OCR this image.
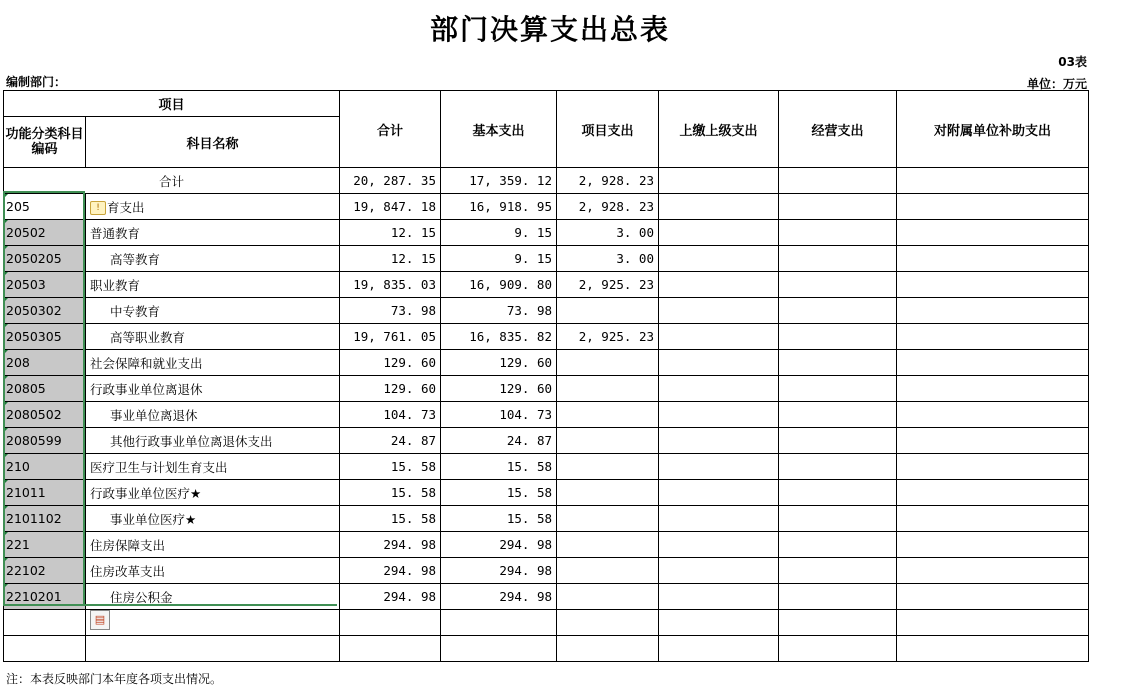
部门决算支出总表
03表
编制部门：	单位：万元
项目		合计	基本支出	项目支出	上缴上级支出	经营支出	对附属单位补助支出
功能分类科目编码	科目名称						
合计		20, 287. 35	17, 359. 12	2, 928. 23			
205	! 育支出	19, 847. 18	16, 918. 95	2, 928. 23			
20502	普通教育	12. 15	9. 15	3. 00			
2050205	高等教育	12. 15	9. 15	3. 00			
20503	职业教育	19, 835. 03	16, 909. 80	2, 925. 23			
2050302	中专教育	73. 98	73. 98				
2050305	高等职业教育	19, 761. 05	16, 835. 82	2, 925. 23			
208	社会保障和就业支出	129. 60	129. 60				
20805	行政事业单位离退休	129. 60	129. 60				
2080502	事业单位离退休	104. 73	104. 73				
2080599	其他行政事业单位离退休支出	24. 87	24. 87				
210	医疗卫生与计划生育支出	15. 58	15. 58				
21011	行政事业单位医疗★	15. 58	15. 58				
2101102	事业单位医疗★	15. 58	15. 58				
221	住房保障支出	294. 98	294. 98				
22102	住房改革支出	294. 98	294. 98				
2210201	住房公积金	294. 98	294. 98				

▤
注：本表反映部门本年度各项支出情况。
